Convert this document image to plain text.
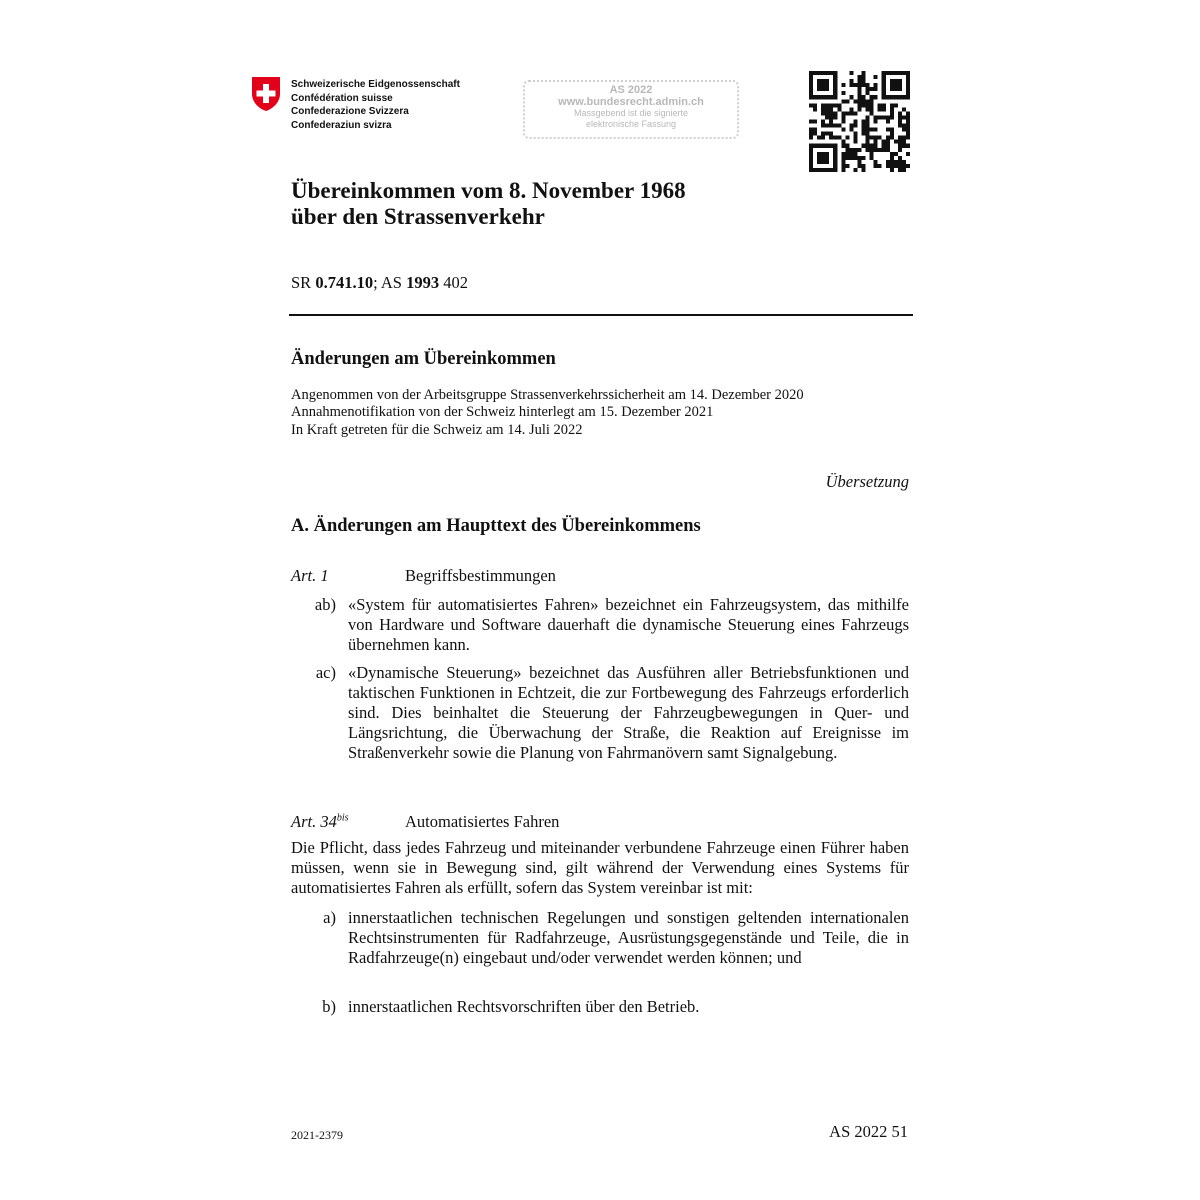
Schweizerische Eidgenossenschaft
Confédération suisse
Confederazione Svizzera
Confederaziun svizra
AS 2022
www.bundesrecht.admin.ch
Massgebend ist die signierte
elektronische Fassung
Übereinkommen vom 8. November 1968
über den Strassenverkehr
SR 0.741.10; AS 1993 402
Änderungen am Übereinkommen
Angenommen von der Arbeitsgruppe Strassenverkehrssicherheit am 14. Dezember 2020
Annahmenotifikation von der Schweiz hinterlegt am 15. Dezember 2021
In Kraft getreten für die Schweiz am 14. Juli 2022
Übersetzung
A. Änderungen am Haupttext des Übereinkommens
Art. 1	Begriffsbestimmungen
ab) «System für automatisiertes Fahren» bezeichnet ein Fahrzeugsystem, das mithilfe von Hardware und Software dauerhaft die dynamische Steuerung eines Fahrzeugs übernehmen kann.
ac) «Dynamische Steuerung» bezeichnet das Ausführen aller Betriebsfunktionen und taktischen Funktionen in Echtzeit, die zur Fortbewegung des Fahrzeugs erforderlich sind. Dies beinhaltet die Steuerung der Fahrzeugbewegungen in Quer- und Längsrichtung, die Überwachung der Straße, die Reaktion auf Ereignisse im Straßenverkehr sowie die Planung von Fahrmanövern samt Signalgebung.
Art. $34^{bis}$	Automatisiertes Fahren
Die Pflicht, dass jedes Fahrzeug und miteinander verbundene Fahrzeuge einen Führer haben müssen, wenn sie in Bewegung sind, gilt während der Verwendung eines Systems für automatisiertes Fahren als erfüllt, sofern das System vereinbar ist mit:
a) innerstaatlichen technischen Regelungen und sonstigen geltenden internationalen Rechtsinstrumenten für Radfahrzeuge, Ausrüstungsgegenstände und Teile, die in Radfahrzeuge(n) eingebaut und/oder verwendet werden können; und
b) innerstaatlichen Rechtsvorschriften über den Betrieb.
2021-2379	AS 2022 51
